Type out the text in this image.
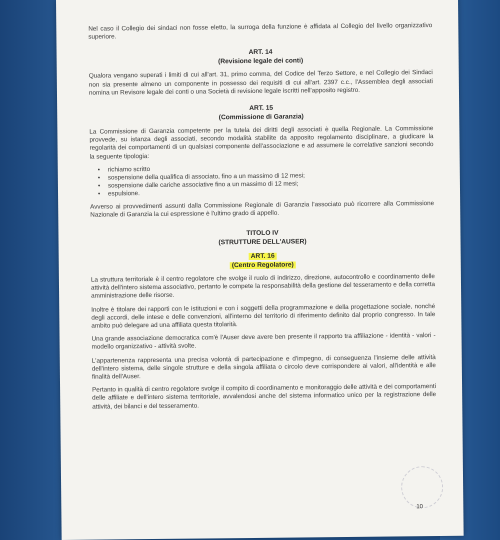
Nel caso il Collegio dei sindaci non fosse eletto, la surroga della funzione è affidata al Collegio del livello organizzativo superiore.

ART. 14
(Revisione legale dei conti)

Qualora vengano superati i limiti di cui all'art. 31, primo comma, del Codice del Terzo Settore, e nel Collegio dei Sindaci non sia presente almeno un componente in possesso dei requisiti di cui all'art. 2397 c.c., l'Assemblea degli associati nomina un Revisore legale dei conti o una Società di revisione legale iscritti nell'apposito registro.

ART. 15
(Commissione di Garanzia)

La Commissione di Garanzia competente per la tutela dei diritti degli associati è quella Regionale. La Commissione provvede, su istanza degli associati, secondo modalità stabilite da apposito regolamento disciplinare, a giudicare la regolarità dei comportamenti di un qualsiasi componente dell'associazione e ad assumere le correlative sanzioni secondo la seguente tipologia:

• richiamo scritto
• sospensione della qualifica di associato, fino a un massimo di 12 mesi;
• sospensione dalle cariche associative fino a un massimo di 12 mesi;
• espulsione.

Avverso ai provvedimenti assunti dalla Commissione Regionale di Garanzia l'associato può ricorrere alla Commissione Nazionale di Garanzia la cui espressione è l'ultimo grado di appello.

TITOLO IV
(STRUTTURE DELL'AUSER)
ART. 16
(Centro Regolatore)

La struttura territoriale è il centro regolatore che svolge il ruolo di indirizzo, direzione, autocontrollo e coordinamento delle attività dell'intero sistema associativo, pertanto le compete la responsabilità della gestione del tesseramento e della corretta amministrazione delle risorse.

Inoltre è titolare dei rapporti con le istituzioni e con i soggetti della programmazione e della progettazione sociale, nonché degli accordi, delle intese e delle convenzioni, all'interno del territorio di riferimento definito dal proprio congresso. In tale ambito può delegare ad una affiliata questa titolarità.

Una grande associazione democratica com'è l'Auser deve avere ben presente il rapporto tra affiliazione - identità - valori - modello organizzativo - attività svolte.

L'appartenenza rappresenta una precisa volontà di partecipazione e d'impegno, di conseguenza l'insieme delle attività dell'intero sistema, delle singole strutture e della singola affiliata o circolo deve corrispondere ai valori, all'identità e alle finalità dell'Auser.

Pertanto in qualità di centro regolatore svolge il compito di coordinamento e monitoraggio delle attività e dei comportamenti delle affiliate e dell'intero sistema territoriale, avvalendosi anche del sistema informatico unico per la registrazione delle attività, dei bilanci e del tesseramento.

10
